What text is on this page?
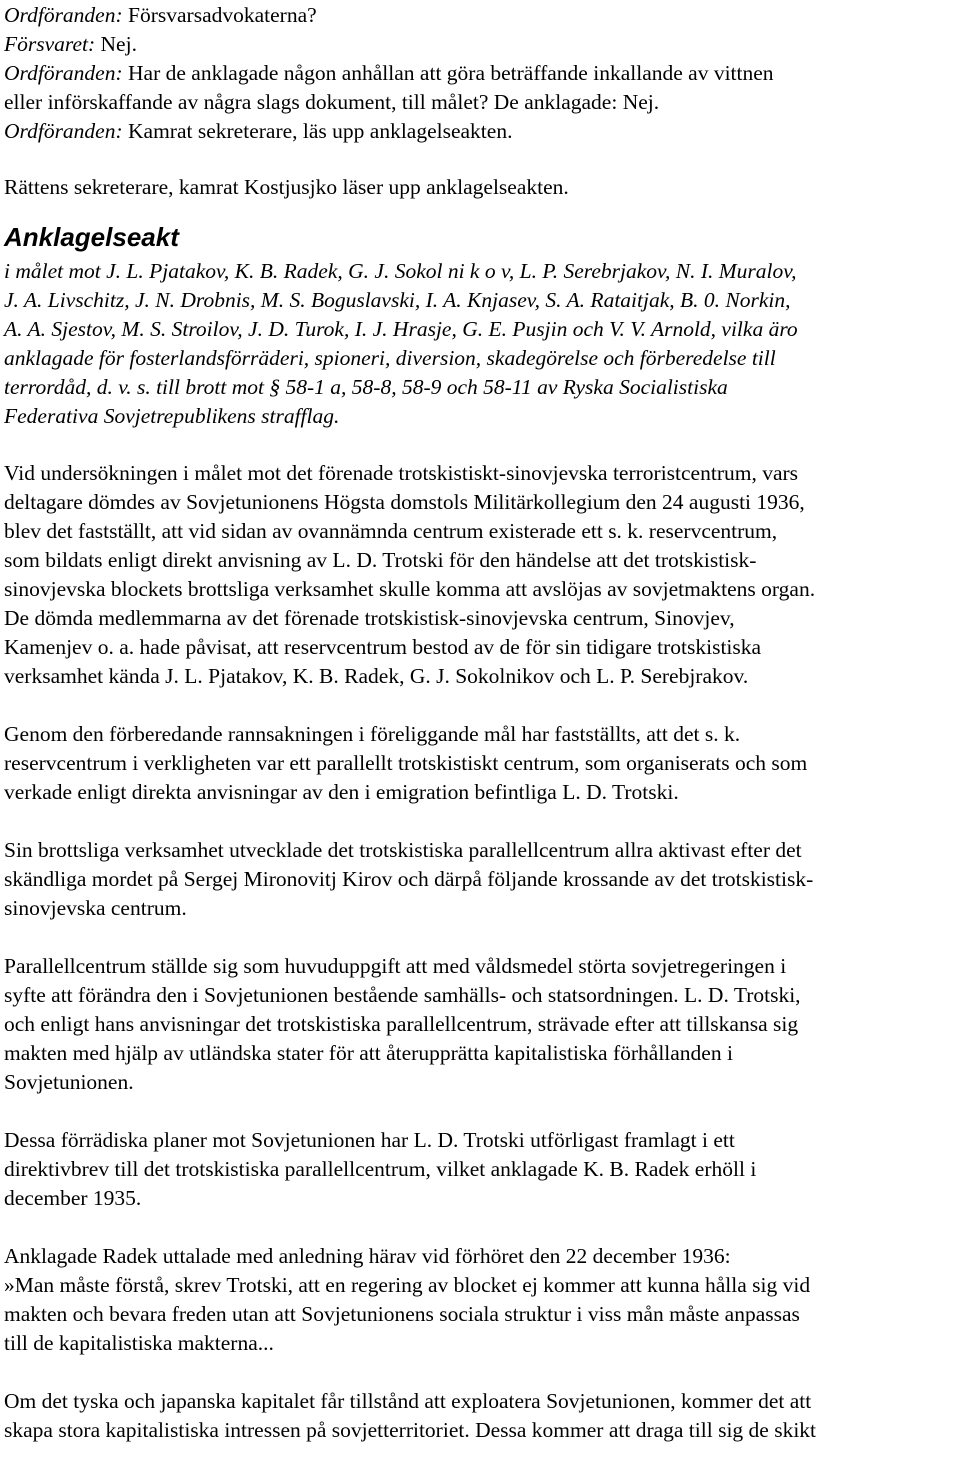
Ordföranden: Försvarsadvokaterna?
Försvaret: Nej.
Ordföranden: Har de anklagade någon anhållan att göra beträffande inkallande av vittnen
eller införskaffande av några slags dokument, till målet? De anklagade: Nej.
Ordföranden: Kamrat sekreterare, läs upp anklagelseakten.
Rättens sekreterare, kamrat Kostjusjko läser upp anklagelseakten.
Anklagelseakt
i målet mot J. L. Pjatakov, K. B. Radek, G. J. Sokol ni k o v, L. P. Serebrjakov, N. I. Muralov,
J. A. Livschitz, J. N. Drobnis, M. S. Boguslavski, I. A. Knjasev, S. A. Rataitjak, B. 0. Norkin,
A. A. Sjestov, M. S. Stroilov, J. D. Turok, I. J. Hrasje, G. E. Pusjin och V. V. Arnold, vilka äro
anklagade för fosterlandsförräderi, spioneri, diversion, skadegörelse och förberedelse till
terrordåd, d. v. s. till brott mot § 58-1 a, 58-8, 58-9 och 58-11 av Ryska Socialistiska
Federativa Sovjetrepublikens strafflag.
Vid undersökningen i målet mot det förenade trotskistiskt-sinovjevska terroristcentrum, vars
deltagare dömdes av Sovjetunionens Högsta domstols Militärkollegium den 24 augusti 1936,
blev det fastställt, att vid sidan av ovannämnda centrum existerade ett s. k. reservcentrum,
som bildats enligt direkt anvisning av L. D. Trotski för den händelse att det trotskistisk-
sinovjevska blockets brottsliga verksamhet skulle komma att avslöjas av sovjetmaktens organ.
De dömda medlemmarna av det förenade trotskistisk-sinovjevska centrum, Sinovjev,
Kamenjev o. a. hade påvisat, att reservcentrum bestod av de för sin tidigare trotskistiska
verksamhet kända J. L. Pjatakov, K. B. Radek, G. J. Sokolnikov och L. P. Serebjrakov.
Genom den förberedande rannsakningen i föreliggande mål har fastställts, att det s. k.
reservcentrum i verkligheten var ett parallellt trotskistiskt centrum, som organiserats och som
verkade enligt direkta anvisningar av den i emigration befintliga L. D. Trotski.
Sin brottsliga verksamhet utvecklade det trotskistiska parallellcentrum allra aktivast efter det
skändliga mordet på Sergej Mironovitj Kirov och därpå följande krossande av det trotskistisk-
sinovjevska centrum.
Parallellcentrum ställde sig som huvuduppgift att med våldsmedel störta sovjetregeringen i
syfte att förändra den i Sovjetunionen bestående samhälls- och statsordningen. L. D. Trotski,
och enligt hans anvisningar det trotskistiska parallellcentrum, strävade efter att tillskansa sig
makten med hjälp av utländska stater för att återupprätta kapitalistiska förhållanden i
Sovjetunionen.
Dessa förrädiska planer mot Sovjetunionen har L. D. Trotski utförligast framlagt i ett
direktivbrev till det trotskistiska parallellcentrum, vilket anklagade K. B. Radek erhöll i
december 1935.
Anklagade Radek uttalade med anledning härav vid förhöret den 22 december 1936:
»Man måste förstå, skrev Trotski, att en regering av blocket ej kommer att kunna hålla sig vid
makten och bevara freden utan att Sovjetunionens sociala struktur i viss mån måste anpassas
till de kapitalistiska makterna...
Om det tyska och japanska kapitalet får tillstånd att exploatera Sovjetunionen, kommer det att
skapa stora kapitalistiska intressen på sovjetterritoriet. Dessa kommer att draga till sig de skikt
